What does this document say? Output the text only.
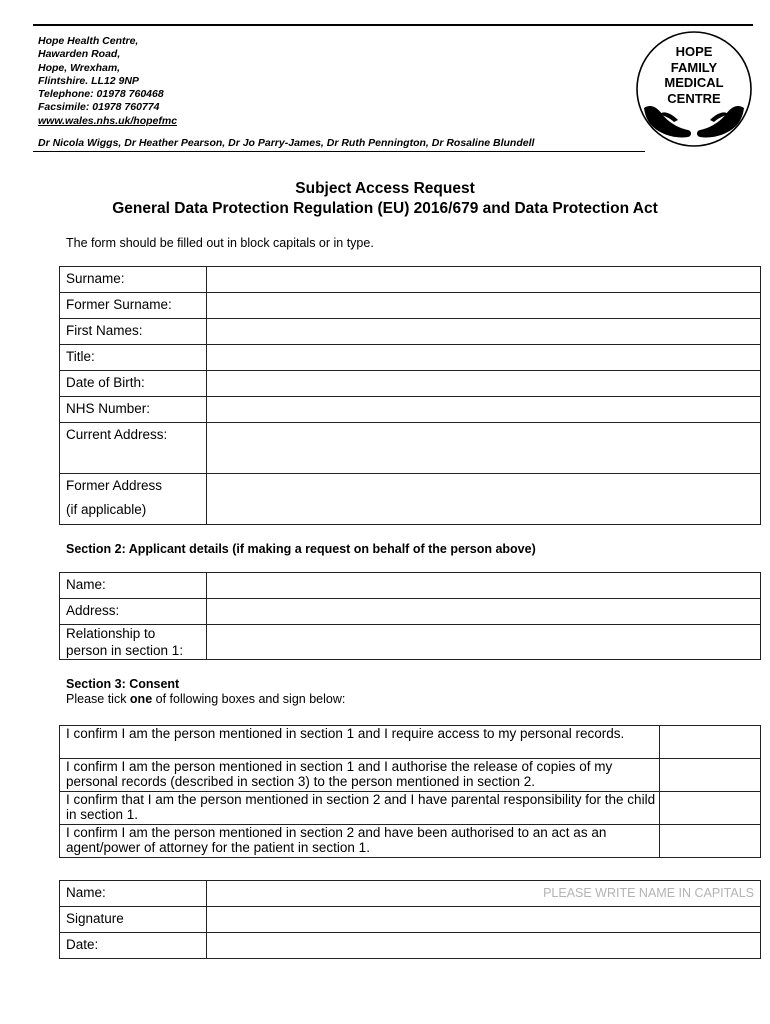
Hope Health Centre,
Hawarden Road,
Hope, Wrexham,
Flintshire. LL12 9NP
Telephone: 01978 760468
Facsimile: 01978 760774
www.wales.nhs.uk/hopefmc
Dr Nicola Wiggs, Dr Heather Pearson, Dr Jo Parry-James, Dr Ruth Pennington, Dr Rosaline Blundell
HOPE
FAMILY
MEDICAL
CENTRE
Subject Access Request
General Data Protection Regulation (EU) 2016/679 and Data Protection Act
The form should be filled out in block capitals or in type.
Surname:	
Former Surname:	
First Names:	
Title:	
Date of Birth:	
NHS Number:	
Current Address:	

Former Address
(if applicable)	

Section 2: Applicant details (if making a request on behalf of the person above)
Name:	
Address:	

Relationship to
person in section 1:	

Section 3: Consent
Please tick one of following boxes and sign below:
I confirm I am the person mentioned in section 1 and I require access to my personal records.	
I confirm I am the person mentioned in section 1 and I authorise the release of copies of my personal records (described in section 3) to the person mentioned in section 2.	
I confirm that I am the person mentioned in section 2 and I have parental responsibility for the child in section 1.	
I confirm I am the person mentioned in section 2 and have been authorised to an act as an agent/power of attorney for the patient in section 1.	
Name:	PLEASE WRITE NAME IN CAPITALS
Signature	
Date:	
